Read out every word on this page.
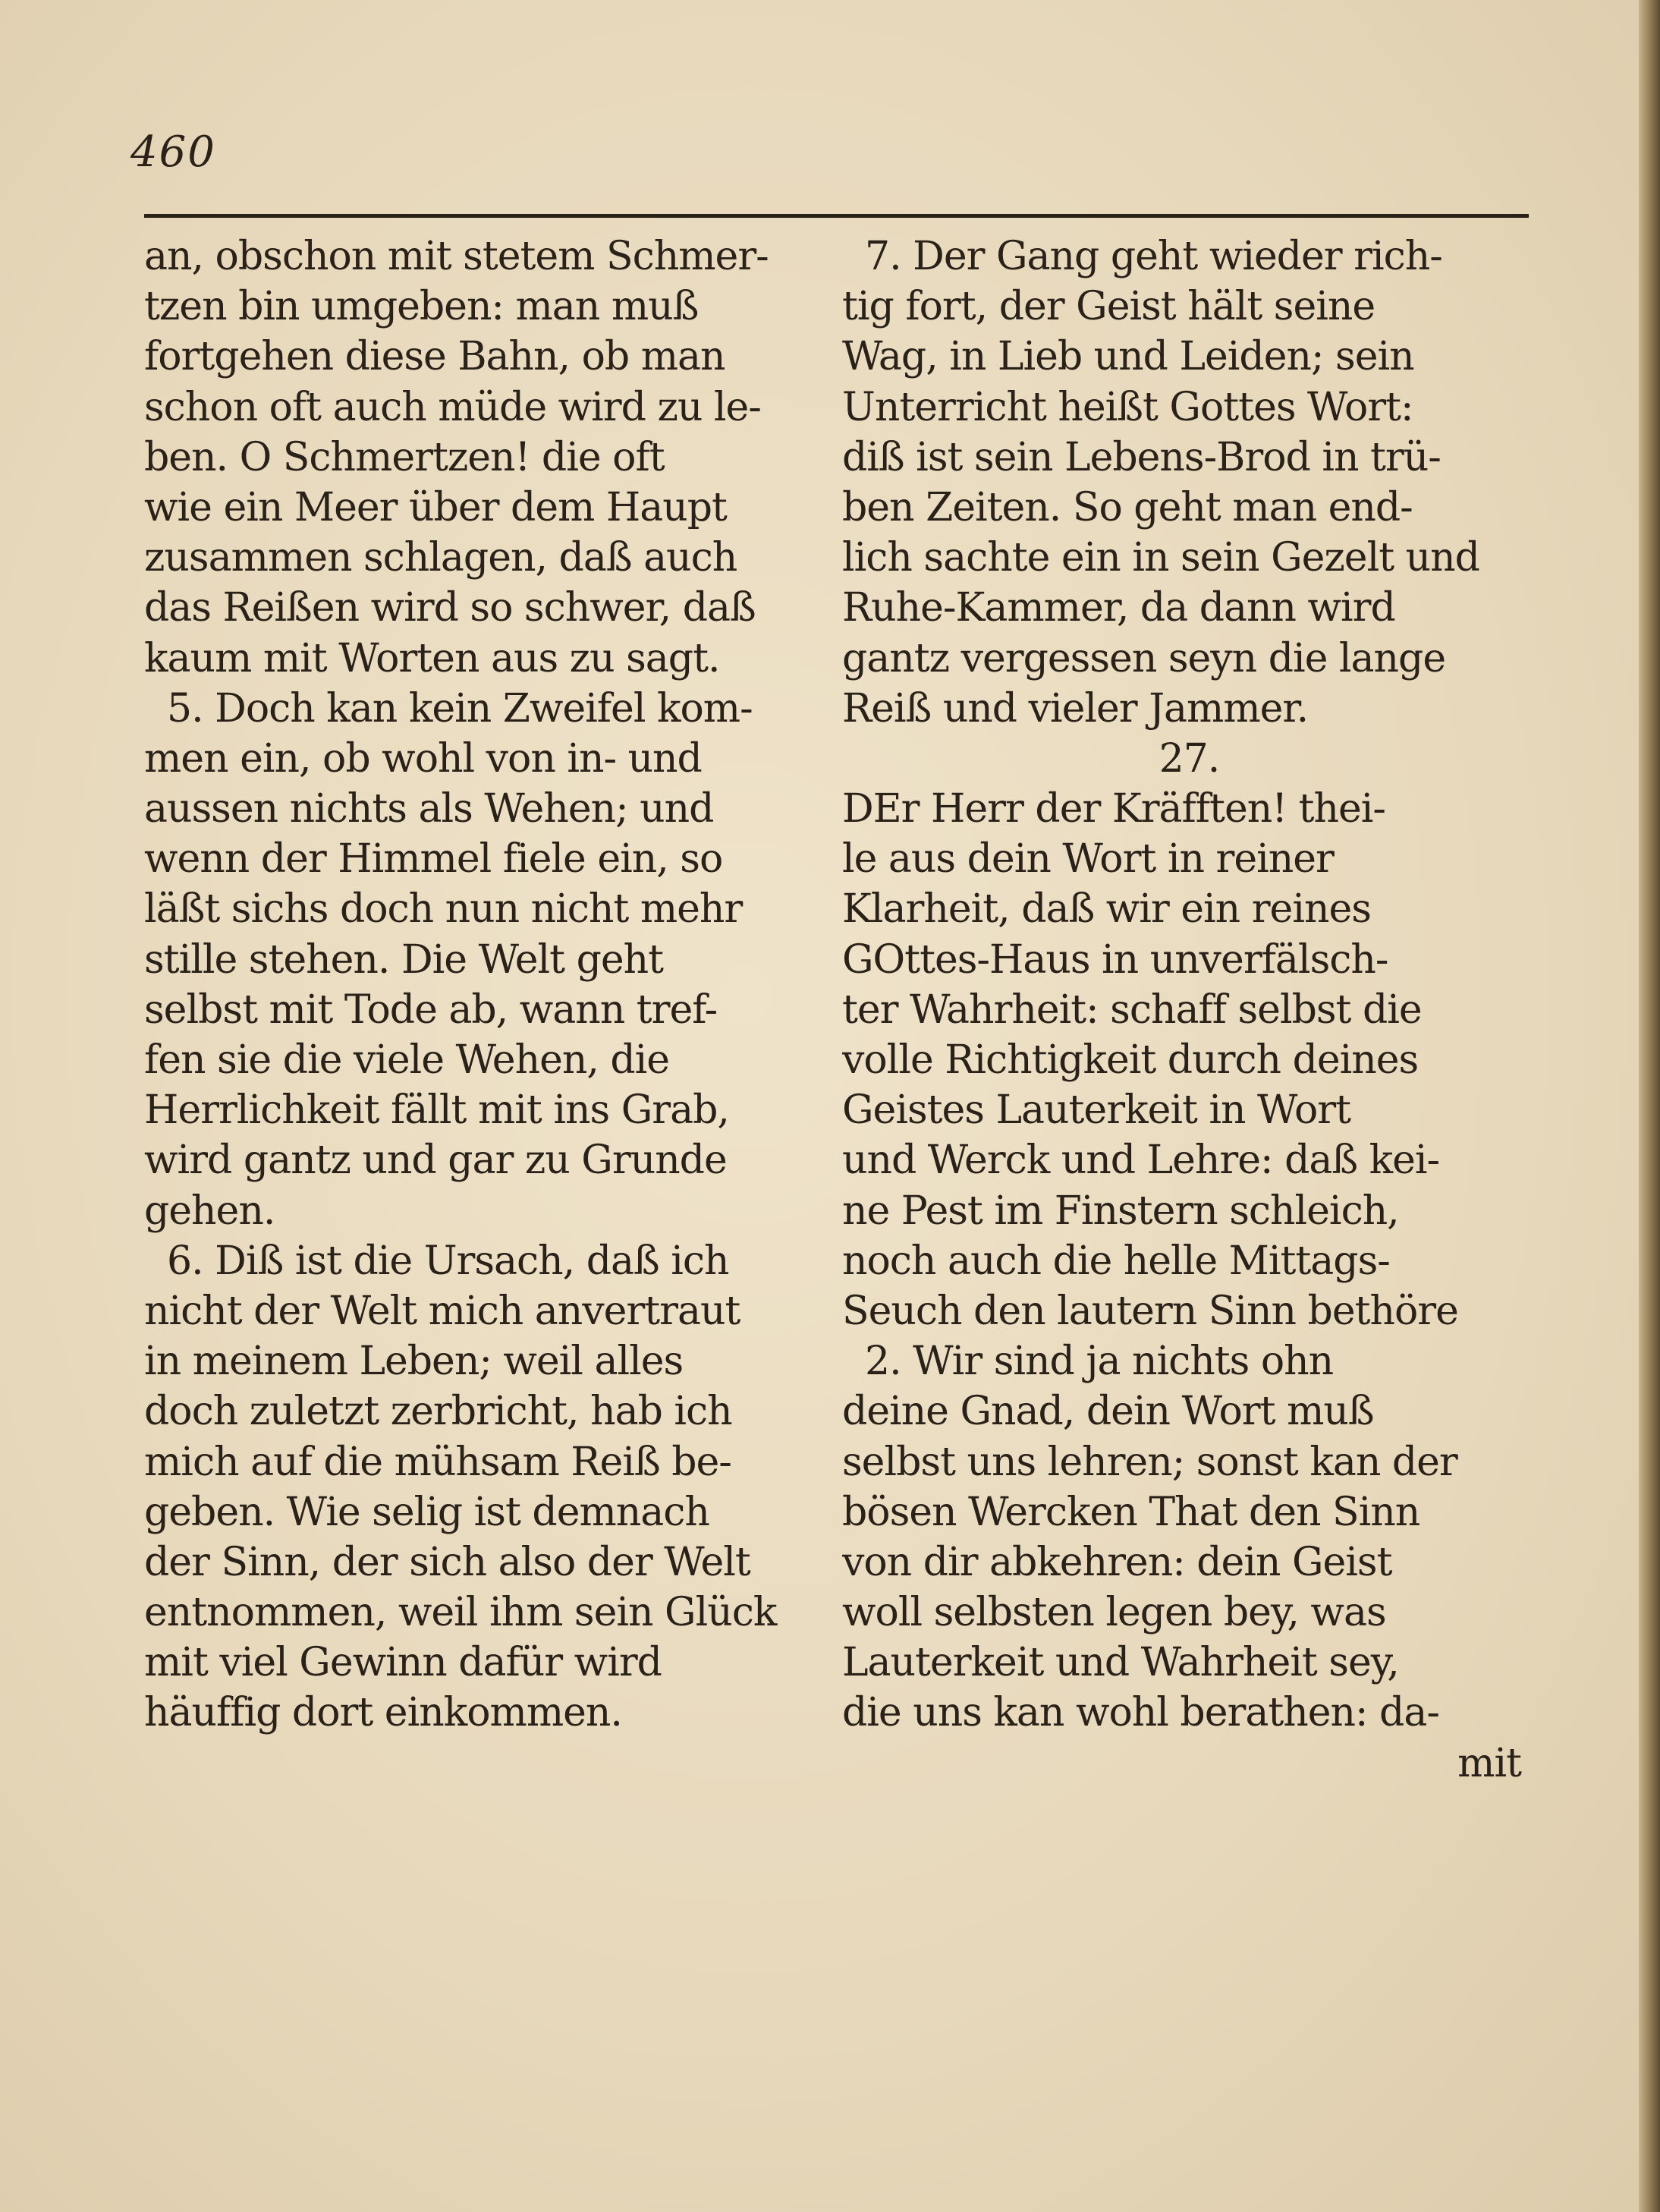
460
an, obschon mit stetem Schmer-
tzen bin umgeben: man muß
fortgehen diese Bahn, ob man
schon oft auch müde wird zu le-
ben. O Schmertzen! die oft
wie ein Meer über dem Haupt
zusammen schlagen, daß auch
das Reißen wird so schwer, daß
kaum mit Worten aus zu sagt.
5. Doch kan kein Zweifel kom-
men ein, ob wohl von in- und
aussen nichts als Wehen; und
wenn der Himmel fiele ein, so
läßt sichs doch nun nicht mehr
stille stehen. Die Welt geht
selbst mit Tode ab, wann tref-
fen sie die viele Wehen, die
Herrlichkeit fällt mit ins Grab,
wird gantz und gar zu Grunde
gehen.
6. Diß ist die Ursach, daß ich
nicht der Welt mich anvertraut
in meinem Leben; weil alles
doch zuletzt zerbricht, hab ich
mich auf die mühsam Reiß be-
geben. Wie selig ist demnach
der Sinn, der sich also der Welt
entnommen, weil ihm sein Glück
mit viel Gewinn dafür wird
häuffig dort einkommen.
7. Der Gang geht wieder rich-
tig fort, der Geist hält seine
Wag, in Lieb und Leiden; sein
Unterricht heißt Gottes Wort:
diß ist sein Lebens-Brod in trü-
ben Zeiten. So geht man end-
lich sachte ein in sein Gezelt und
Ruhe-Kammer, da dann wird
gantz vergessen seyn die lange
Reiß und vieler Jammer.
27.
DEr Herr der Kräfften! thei-
le aus dein Wort in reiner
Klarheit, daß wir ein reines
GOttes-Haus in unverfälsch-
ter Wahrheit: schaff selbst die
volle Richtigkeit durch deines
Geistes Lauterkeit in Wort
und Werck und Lehre: daß kei-
ne Pest im Finstern schleich,
noch auch die helle Mittags-
Seuch den lautern Sinn bethöre
2. Wir sind ja nichts ohn
deine Gnad, dein Wort muß
selbst uns lehren; sonst kan der
bösen Wercken That den Sinn
von dir abkehren: dein Geist
woll selbsten legen bey, was
Lauterkeit und Wahrheit sey,
die uns kan wohl berathen: da-
mit
